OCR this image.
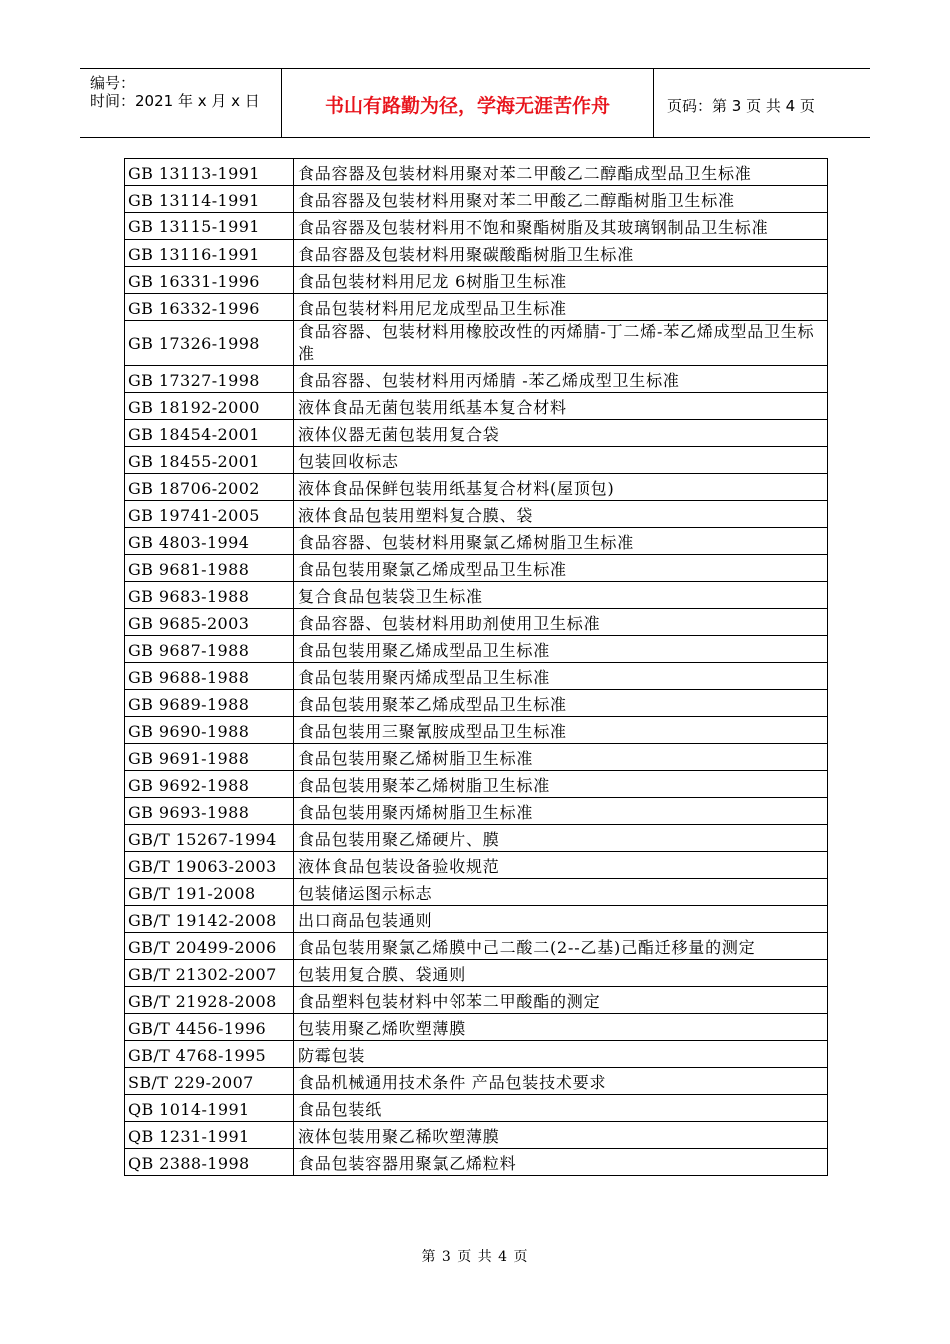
编号：
时间：2021 年 x 月 x 日	书山有路勤为径，学海无涯苦作舟	页码：第 3 页 共 4 页
GB 13113-1991	食品容器及包装材料用聚对苯二甲酸乙二醇酯成型品卫生标准
GB 13114-1991	食品容器及包装材料用聚对苯二甲酸乙二醇酯树脂卫生标准
GB 13115-1991	食品容器及包装材料用不饱和聚酯树脂及其玻璃钢制品卫生标准
GB 13116-1991	食品容器及包装材料用聚碳酸酯树脂卫生标准
GB 16331-1996	食品包装材料用尼龙 6树脂卫生标准
GB 16332-1996	食品包装材料用尼龙成型品卫生标准
GB 17326-1998	食品容器、包装材料用橡胶改性的丙烯腈-丁二烯-苯乙烯成型品卫生标准
GB 17327-1998	食品容器、包装材料用丙烯腈 -苯乙烯成型卫生标准
GB 18192-2000	液体食品无菌包装用纸基本复合材料
GB 18454-2001	液体仪器无菌包装用复合袋
GB 18455-2001	包装回收标志
GB 18706-2002	液体食品保鲜包装用纸基复合材料(屋顶包)
GB 19741-2005	液体食品包装用塑料复合膜、袋
GB 4803-1994	食品容器、包装材料用聚氯乙烯树脂卫生标准
GB 9681-1988	食品包装用聚氯乙烯成型品卫生标准
GB 9683-1988	复合食品包装袋卫生标准
GB 9685-2003	食品容器、包装材料用助剂使用卫生标准
GB 9687-1988	食品包装用聚乙烯成型品卫生标准
GB 9688-1988	食品包装用聚丙烯成型品卫生标准
GB 9689-1988	食品包装用聚苯乙烯成型品卫生标准
GB 9690-1988	食品包装用三聚氰胺成型品卫生标准
GB 9691-1988	食品包装用聚乙烯树脂卫生标准
GB 9692-1988	食品包装用聚苯乙烯树脂卫生标准
GB 9693-1988	食品包装用聚丙烯树脂卫生标准
GB/T 15267-1994	食品包装用聚乙烯硬片、膜
GB/T 19063-2003	液体食品包装设备验收规范
GB/T 191-2008	包装储运图示标志
GB/T 19142-2008	出口商品包装通则
GB/T 20499-2006	食品包装用聚氯乙烯膜中己二酸二(2--乙基)己酯迁移量的测定
GB/T 21302-2007	包装用复合膜、袋通则
GB/T 21928-2008	食品塑料包装材料中邻苯二甲酸酯的测定
GB/T 4456-1996	包装用聚乙烯吹塑薄膜
GB/T 4768-1995	防霉包装
SB/T 229-2007	食品机械通用技术条件 产品包装技术要求
QB 1014-1991	食品包装纸
QB 1231-1991	液体包装用聚乙稀吹塑薄膜
QB 2388-1998	食品包装容器用聚氯乙烯粒料
第 3 页 共 4 页
